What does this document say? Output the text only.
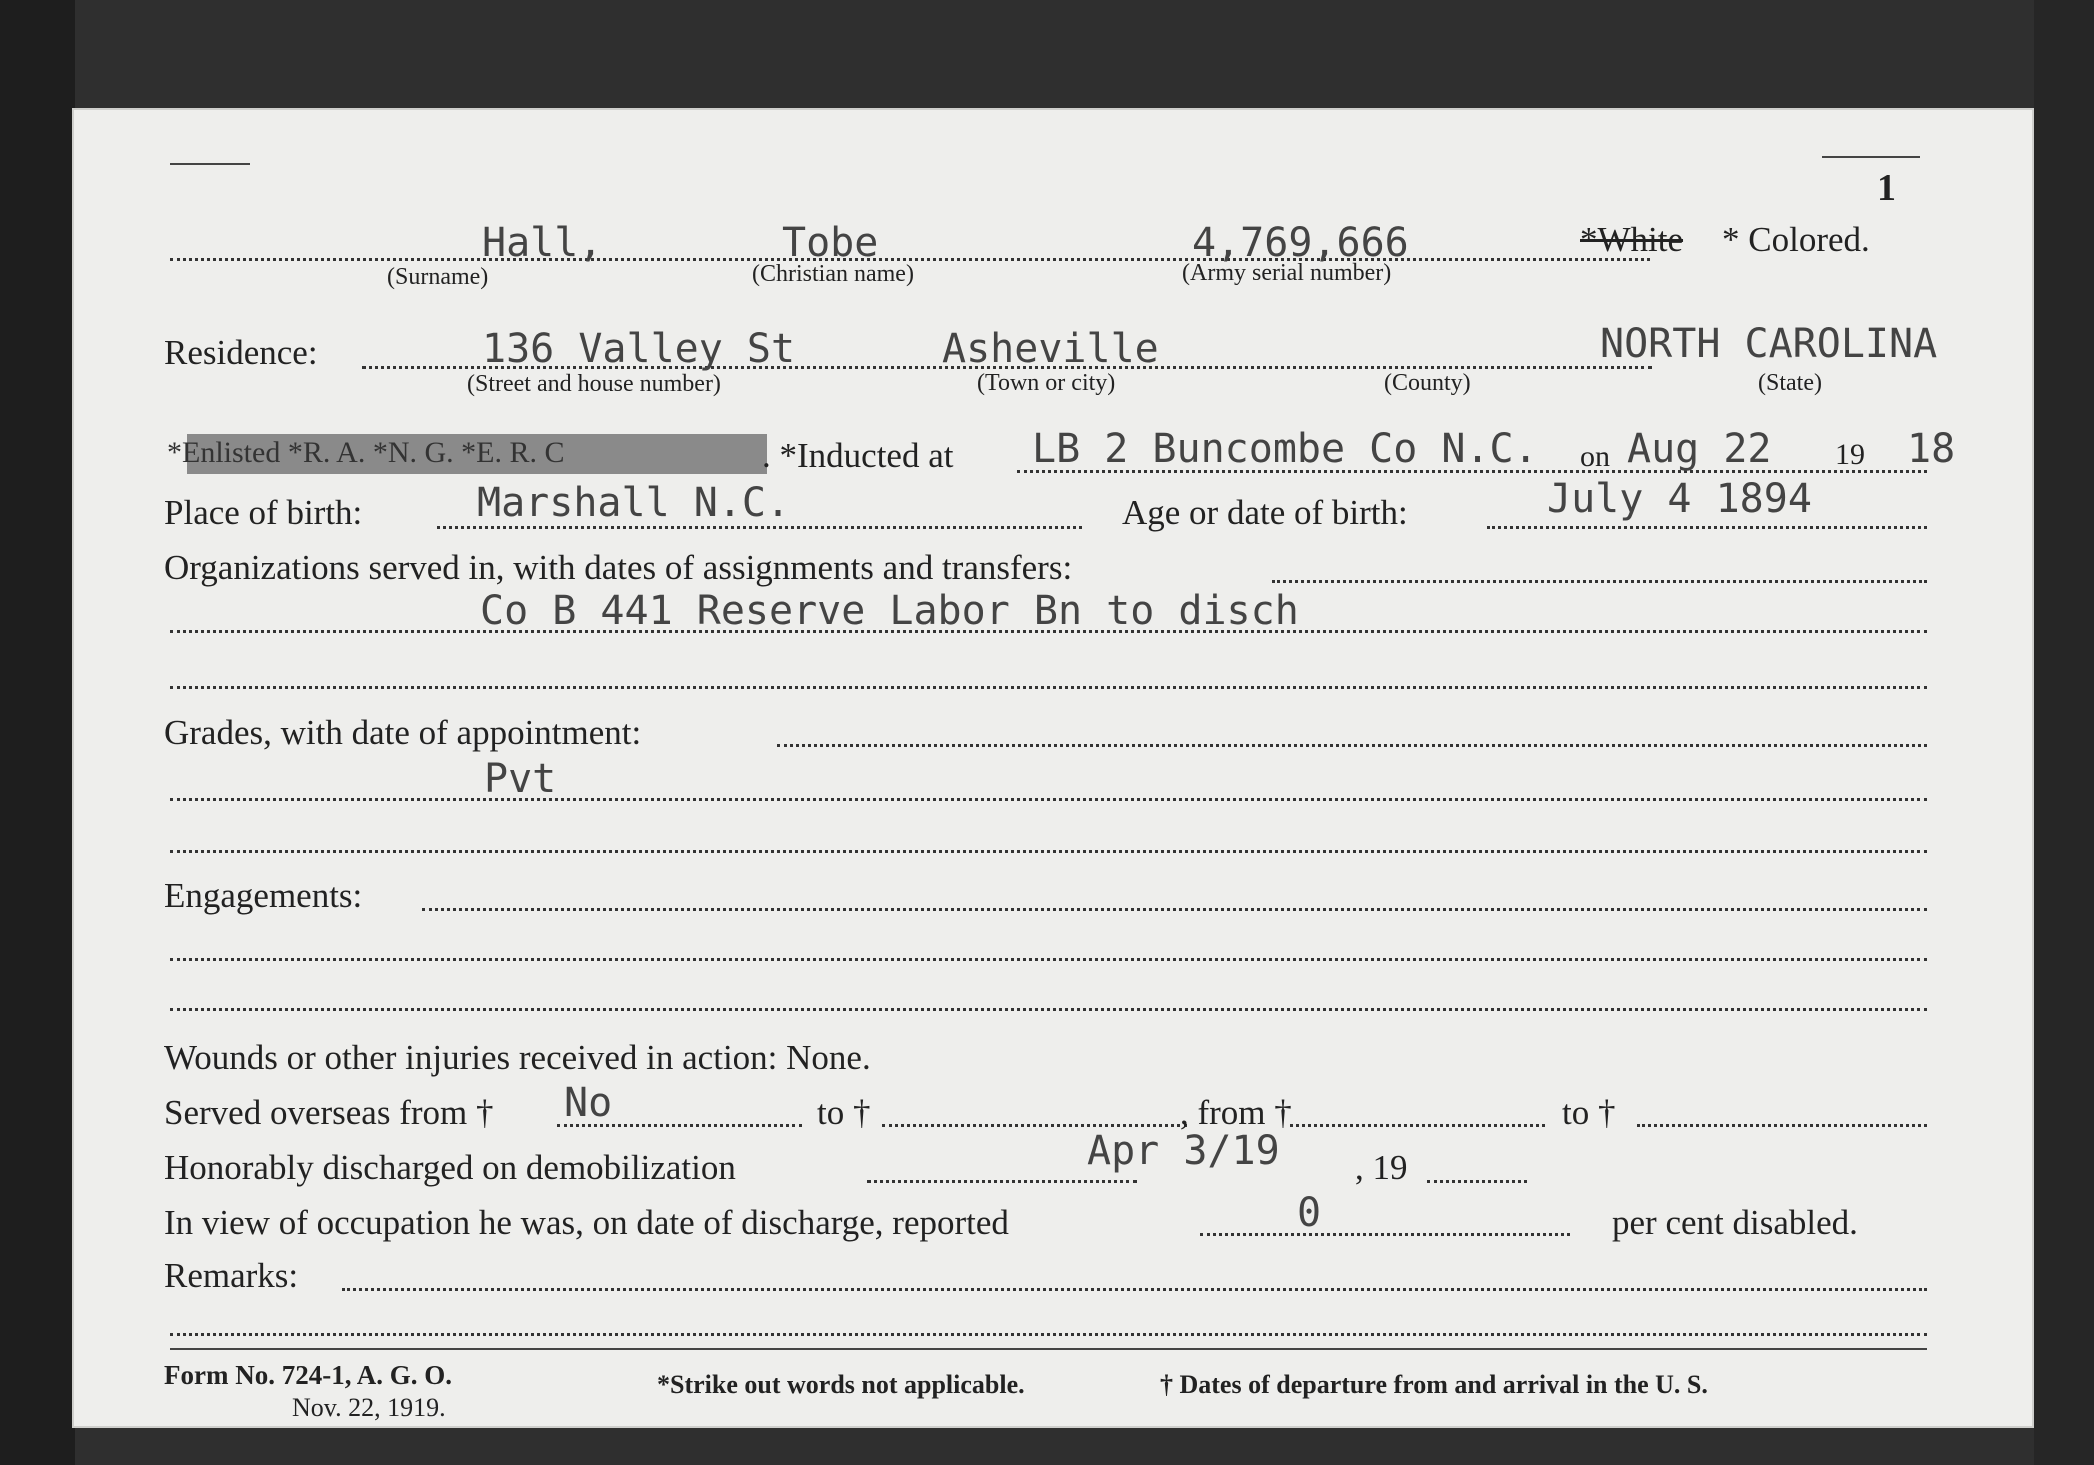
1
Hall,	Tobe	4,769,666	*White * Colored.
(Surname)	(Christian name)	(Army serial number)
Residence:	136 Valley St	Asheville	NORTH CAROLINA
(Street and house number)	(Town or city)	(County)	(State)
*Enlisted *R. A. *N. G. *E. R. C	. *Inducted at LB 2 Buncombe Co N.C. on Aug 22 19 18
Place of birth:	Marshall N.C.	Age or date of birth:	July 4 1894
Organizations served in, with dates of assignments and transfers:
Co B 441 Reserve Labor Bn to disch
Grades, with date of appointment:
Pvt
Engagements:
Wounds or other injuries received in action: None.
Served overseas from † No	to †	, from †	to †
Honorably discharged on demobilization	Apr 3/19 , 19
In view of occupation he was, on date of discharge, reported	0	per cent disabled.
Remarks:
Form No. 724-1, A. G. O.
Nov. 22, 1919.
*Strike out words not applicable.	† Dates of departure from and arrival in the U. S.
